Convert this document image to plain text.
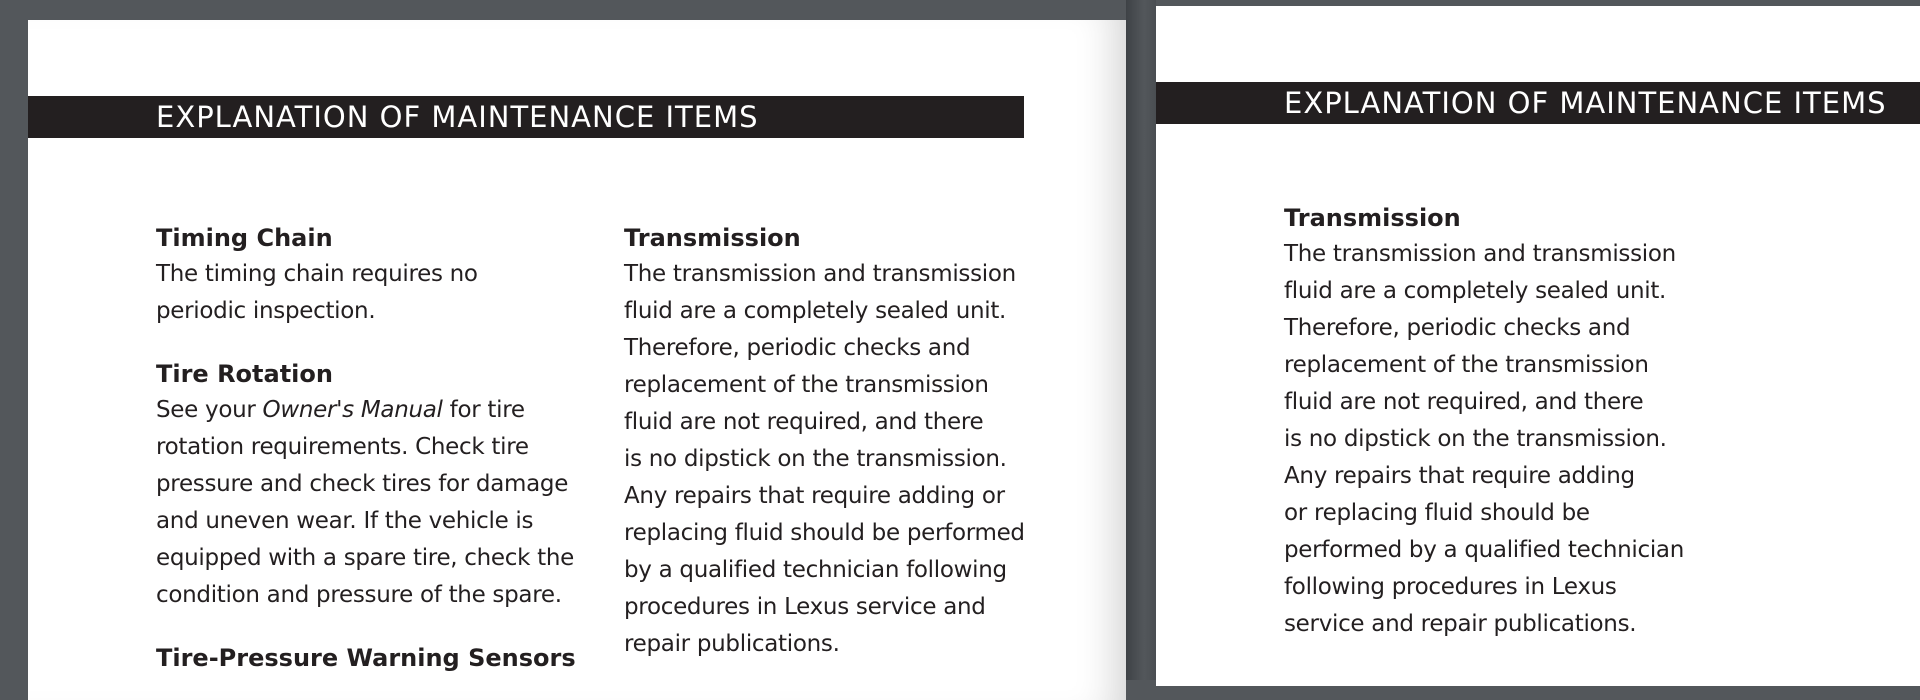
EXPLANATION OF MAINTENANCE ITEMS
Timing Chain

The timing chain requires no
periodic inspection.

Tire Rotation

See your Owner's Manual for tire
rotation requirements. Check tire
pressure and check tires for damage
and uneven wear. If the vehicle is
equipped with a spare tire, check the
condition and pressure of the spare.

Tire-Pressure Warning Sensors
Transmission

The transmission and transmission
fluid are a completely sealed unit.
Therefore, periodic checks and
replacement of the transmission
fluid are not required, and there
is no dipstick on the transmission.
Any repairs that require adding or
replacing fluid should be performed
by a qualified technician following
procedures in Lexus service and
repair publications.

EXPLANATION OF MAINTENANCE ITEMS
Transmission

The transmission and transmission
fluid are a completely sealed unit.
Therefore, periodic checks and
replacement of the transmission
fluid are not required, and there
is no dipstick on the transmission.
Any repairs that require adding
or replacing fluid should be
performed by a qualified technician
following procedures in Lexus
service and repair publications.
